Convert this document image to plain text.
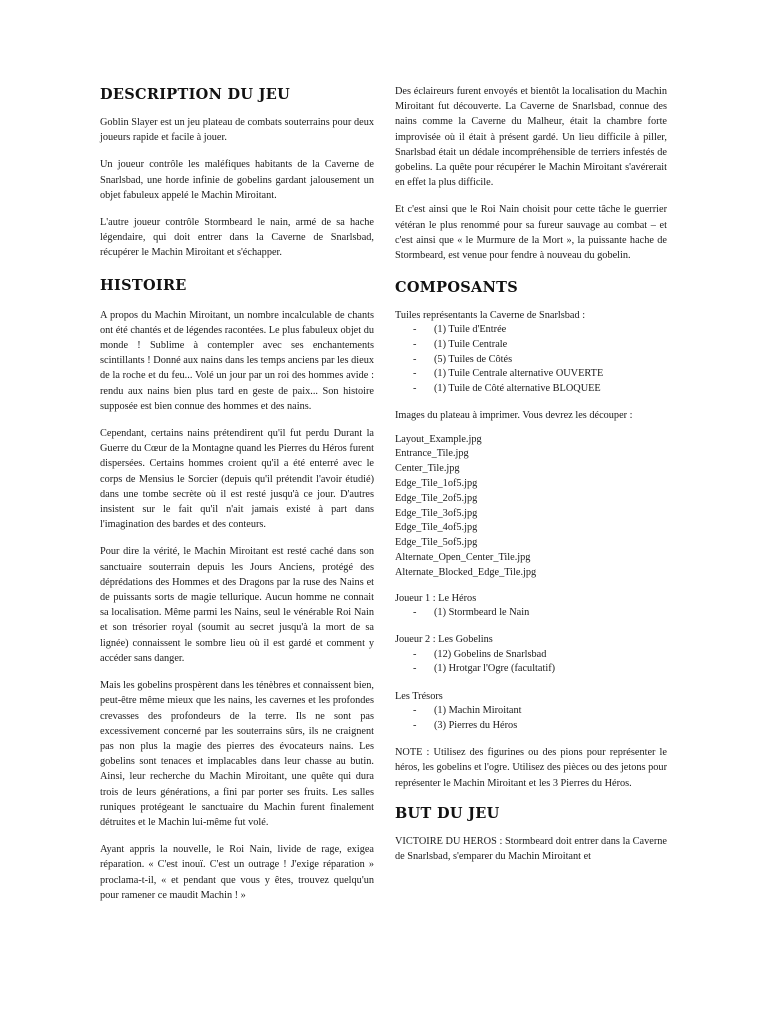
DESCRIPTION DU JEU

Goblin Slayer est un jeu plateau de combats souterrains pour deux joueurs rapide et facile à jouer.

Un joueur contrôle les maléfiques habitants de la Caverne de Snarlsbad, une horde infinie de gobelins gardant jalousement un objet fabuleux appelé le Machin Miroitant.

L'autre joueur contrôle Stormbeard le nain, armé de sa hache légendaire, qui doit entrer dans la Caverne de Snarlsbad, récupérer le Machin Miroitant et s'échapper.

HISTOIRE

A propos du Machin Miroitant, un nombre incalculable de chants ont été chantés et de légendes racontées. Le plus fabuleux objet du monde ! Sublime à contempler avec ses enchantements scintillants ! Donné aux nains dans les temps anciens par les dieux de la roche et du feu... Volé un jour par un roi des hommes avide : rendu aux nains bien plus tard en geste de paix... Son histoire supposée est bien connue des hommes et des nains.

Cependant, certains nains prétendirent qu'il fut perdu Durant la Guerre du Cœur de la Montagne quand les Pierres du Héros furent dispersées. Certains hommes croient qu'il a été enterré avec le corps de Mensius le Sorcier (depuis qu'il prétendit l'avoir étudié) dans une tombe secrète où il est resté jusqu'à ce jour. D'autres insistent sur le fait qu'il n'ait jamais existé à part dans l'imagination des bardes et des conteurs.

Pour dire la vérité, le Machin Miroitant est resté caché dans son sanctuaire souterrain depuis les Jours Anciens, protégé des déprédations des Hommes et des Dragons par la ruse des Nains et de puissants sorts de magie tellurique. Aucun homme ne connait sa localisation. Même parmi les Nains, seul le vénérable Roi Nain et son trésorier royal (soumit au secret jusqu'à la mort de sa lignée) connaissent le sombre lieu où il est gardé et comment y accéder sans danger.

Mais les gobelins prospèrent dans les ténèbres et connaissent bien, peut-être même mieux que les nains, les cavernes et les profondes crevasses des profondeurs de la terre. Ils ne sont pas excessivement concerné par les souterrains sûrs, ils ne craignent pas non plus la magie des pierres des évocateurs nains. Les gobelins sont tenaces et implacables dans leur chasse au butin. Ainsi, leur recherche du Machin Miroitant, une quête qui dura trois de leurs générations, a fini par porter ses fruits. Les salles runiques protégeant le sanctuaire du Machin furent finalement détruites et le Machin lui-même fut volé.

Ayant appris la nouvelle, le Roi Nain, livide de rage, exigea réparation. « C'est inouï. C'est un outrage ! J'exige réparation » proclama-t-il, « et pendant que vous y êtes, trouvez quelqu'un pour ramener ce maudit Machin ! »

Des éclaireurs furent envoyés et bientôt la localisation du Machin Miroitant fut découverte. La Caverne de Snarlsbad, connue des nains comme la Caverne du Malheur, était la chambre forte improvisée où il était à présent gardé. Un lieu difficile à piller, Snarlsbad était un dédale incompréhensible de terriers infestés de gobelins. La quête pour récupérer le Machin Miroitant s'avérerait en effet la plus difficile.

Et c'est ainsi que le Roi Nain choisit pour cette tâche le guerrier vétéran le plus renommé pour sa fureur sauvage au combat – et c'est ainsi que « le Murmure de la Mort », la puissante hache de Stormbeard, est venue pour fendre à nouveau du gobelin.

COMPOSANTS

Tuiles représentants la Caverne de Snarlsbad :

- (1) Tuile d'Entrée
- (1) Tuile Centrale
- (5) Tuiles de Côtés
- (1) Tuile Centrale alternative OUVERTE
- (1) Tuile de Côté alternative BLOQUEE

Images du plateau à imprimer. Vous devrez les découper :

Layout_Example.jpg
Entrance_Tile.jpg
Center_Tile.jpg
Edge_Tile_1of5.jpg
Edge_Tile_2of5.jpg
Edge_Tile_3of5.jpg
Edge_Tile_4of5.jpg
Edge_Tile_5of5.jpg
Alternate_Open_Center_Tile.jpg
Alternate_Blocked_Edge_Tile.jpg

Joueur 1 : Le Héros

- (1) Stormbeard le Nain

Joueur 2 : Les Gobelins

- (12) Gobelins de Snarlsbad
- (1) Hrotgar l'Ogre (facultatif)

Les Trésors

- (1) Machin Miroitant
- (3) Pierres du Héros

NOTE : Utilisez des figurines ou des pions pour représenter le héros, les gobelins et l'ogre. Utilisez des pièces ou des jetons pour représenter le Machin Miroitant et les 3 Pierres du Héros.

BUT DU JEU

VICTOIRE DU HEROS : Stormbeard doit entrer dans la Caverne de Snarlsbad, s'emparer du Machin Miroitant et
